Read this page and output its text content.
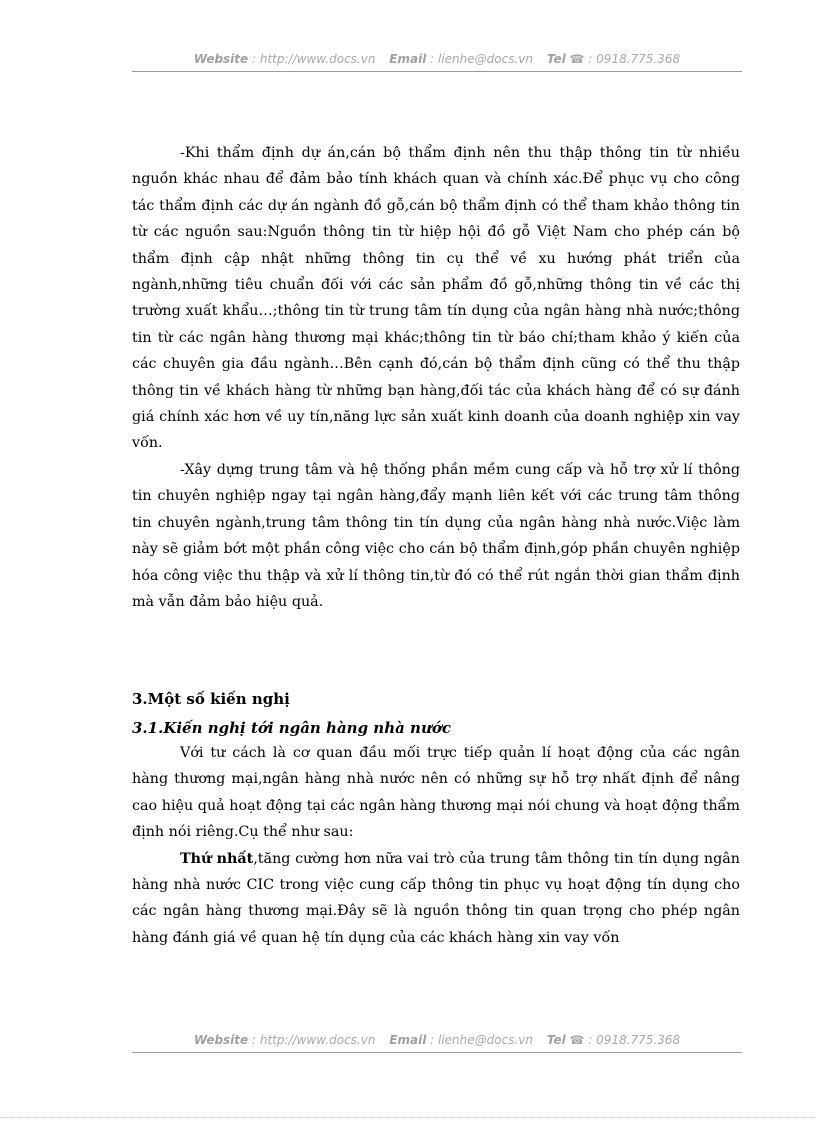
Website : http://www.docs.vn Email : lienhe@docs.vn Tel ☎ : 0918.775.368

-Khi thẩm định dự án,cán bộ thẩm định nên thu thập thông tin từ nhiều nguồn khác nhau để đảm bảo tính khách quan và chính xác.Để phục vụ cho công tác thẩm định các dự án ngành đồ gỗ,cán bộ thẩm định có thể tham khảo thông tin từ các nguồn sau:Nguồn thông tin từ hiệp hội đồ gỗ Việt Nam cho phép cán bộ thẩm định cập nhật những thông tin cụ thể về xu hướng phát triển của ngành,những tiêu chuẩn đối với các sản phẩm đồ gỗ,những thông tin về các thị trường xuất khẩu…;thông tin từ trung tâm tín dụng của ngân hàng nhà nước;thông tin từ các ngân hàng thương mại khác;thông tin từ báo chí;tham khảo ý kiến của các chuyên gia đầu ngành…Bên cạnh đó,cán bộ thẩm định cũng có thể thu thập thông tin về khách hàng từ những bạn hàng,đối tác của khách hàng để có sự đánh giá chính xác hơn về uy tín,năng lực sản xuất kinh doanh của doanh nghiệp xin vay vốn.

-Xây dựng trung tâm và hệ thống phần mềm cung cấp và hỗ trợ xử lí thông tin chuyên nghiệp ngay tại ngân hàng,đẩy mạnh liên kết với các trung tâm thông tin chuyên ngành,trung tâm thông tin tín dụng của ngân hàng nhà nước.Việc làm này sẽ giảm bớt một phần công việc cho cán bộ thẩm định,góp phần chuyên nghiệp hóa công việc thu thập và xử lí thông tin,từ đó có thể rút ngắn thời gian thẩm định mà vẫn đảm bảo hiệu quả.

3.Một số kiến nghị
3.1.Kiến nghị tới ngân hàng nhà nước

Với tư cách là cơ quan đầu mối trực tiếp quản lí hoạt động của các ngân hàng thương mại,ngân hàng nhà nước nên có những sự hỗ trợ nhất định để nâng cao hiệu quả hoạt động tại các ngân hàng thương mại nói chung và hoạt động thẩm định nói riêng.Cụ thể như sau:

Thứ nhất,tăng cường hơn nữa vai trò của trung tâm thông tin tín dụng ngân hàng nhà nước CIC trong việc cung cấp thông tin phục vụ hoạt động tín dụng cho các ngân hàng thương mại.Đây sẽ là nguồn thông tin quan trọng cho phép ngân hàng đánh giá về quan hệ tín dụng của các khách hàng xin vay vốn

Website : http://www.docs.vn Email : lienhe@docs.vn Tel ☎ : 0918.775.368
